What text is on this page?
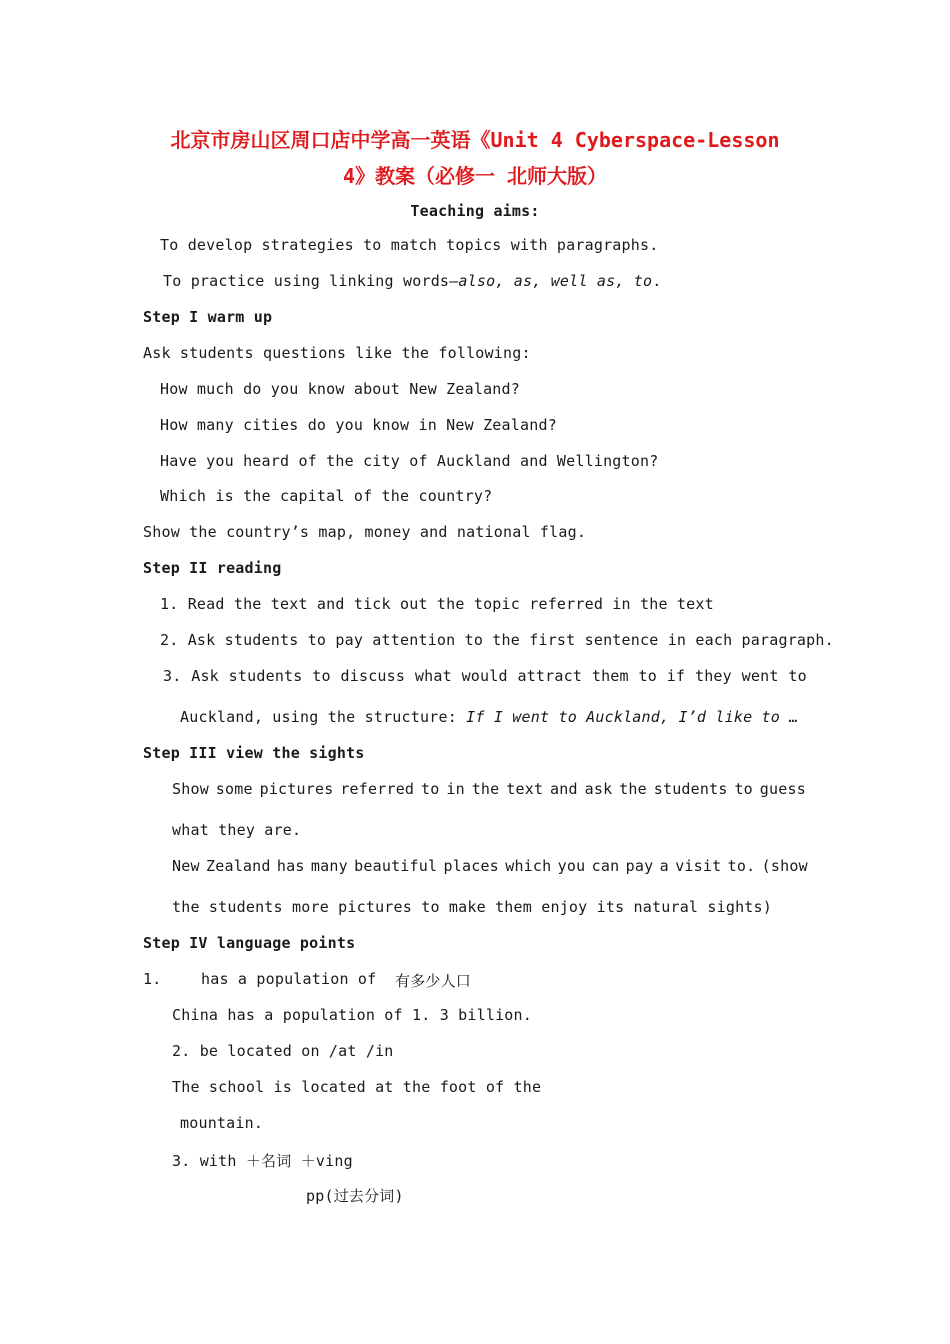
北京市房山区周口店中学高一英语《Unit 4 Cyberspace-Lesson
4》教案（必修一 北师大版）
Teaching aims:
To develop strategies to match topics with paragraphs.
To practice using linking words—also, as, well as, to.
Step I warm up
Ask students questions like the following:
How much do you know about New Zealand?
How many cities do you know in New Zealand?
Have you heard of the city of Auckland and Wellington?
Which is the capital of the country?
Show the country’s map, money and national flag.
Step II reading
1. Read the text and tick out the topic referred in the text
2. Ask students to pay attention to the first sentence in each paragraph.
3. Ask students to discuss what would attract them to if they went to
Auckland, using the structure: If I went to Auckland, I’d like to …
Step III view the sights
Show some pictures referred to in the text and ask the students to guess
what they are.
New Zealand has many beautiful places which you can pay a visit to. (show
the students more pictures to make them enjoy its natural sights)
Step IV language points
1.	has a population of 有多少人口
China has a population of 1. 3 billion.
2. be located on /at /in
The school is located at the foot of the
mountain.
3. with ＋名词 ＋ving
pp(过去分词)
